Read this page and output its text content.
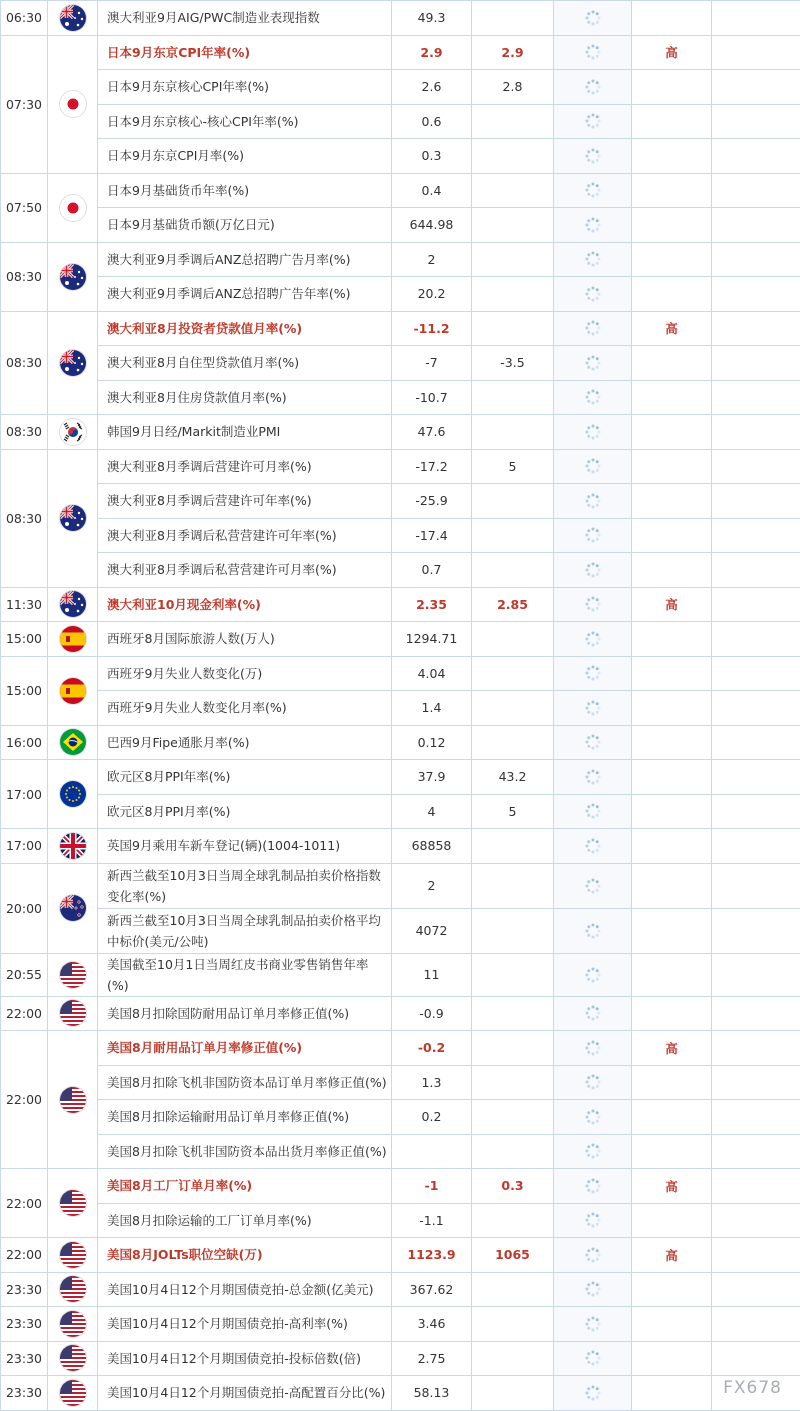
06:30		澳大利亚9月AIG/PWC制造业表现指数	49.3		

07:30		日本9月东京CPI年率(%)	2.9	2.9		高	
		日本9月东京核心CPI年率(%)	2.6	2.8	

		日本9月东京核心-核心CPI年率(%)	0.6		

		日本9月东京CPI月率(%)	0.3		

07:50		日本9月基础货币年率(%)	0.4		

		日本9月基础货币额(万亿日元)	644.98		

08:30		澳大利亚9月季调后ANZ总招聘广告月率(%)	2		

		澳大利亚9月季调后ANZ总招聘广告年率(%)	20.2		

08:30		澳大利亚8月投资者贷款值月率(%)	-11.2			高	
		澳大利亚8月自住型贷款值月率(%)	-7	-3.5	

		澳大利亚8月住房贷款值月率(%)	-10.7		

08:30		韩国9月日经/Markit制造业PMI	47.6		

08:30		澳大利亚8月季调后营建许可月率(%)	-17.2	5	

		澳大利亚8月季调后营建许可年率(%)	-25.9		

		澳大利亚8月季调后私营营建许可年率(%)	-17.4		

		澳大利亚8月季调后私营营建许可月率(%)	0.7		

11:30		澳大利亚10月现金利率(%)	2.35	2.85		高	
15:00		西班牙8月国际旅游人数(万人)	1294.71		

15:00		西班牙9月失业人数变化(万)	4.04		

		西班牙9月失业人数变化月率(%)	1.4		

16:00		巴西9月Fipe通胀月率(%)	0.12		

17:00		欧元区8月PPI年率(%)	37.9	43.2	

		欧元区8月PPI月率(%)	4	5	

17:00		英国9月乘用车新车登记(辆)(1004-1011)	68858		

20:00		新西兰截至10月3日当周全球乳制品拍卖价格指数变化率(%)	2		

		新西兰截至10月3日当周全球乳制品拍卖价格平均中标价(美元/公吨)	4072		

20:55		美国截至10月1日当周红皮书商业零售销售年率(%)	11		

22:00		美国8月扣除国防耐用品订单月率修正值(%)	-0.9		

22:00		美国8月耐用品订单月率修正值(%)	-0.2			高	
		美国8月扣除飞机非国防资本品订单月率修正值(%)	1.3		

		美国8月扣除运输耐用品订单月率修正值(%)	0.2		

		美国8月扣除飞机非国防资本品出货月率修正值(%)			

22:00		美国8月工厂订单月率(%)	-1	0.3		高	
		美国8月扣除运输的工厂订单月率(%)	-1.1		

22:00		美国8月JOLTs职位空缺(万)	1123.9	1065		高	
23:30		美国10月4日12个月期国债竞拍-总金额(亿美元)	367.62		

23:30		美国10月4日12个月期国债竞拍-高利率(%)	3.46		

23:30		美国10月4日12个月期国债竞拍-投标倍数(倍)	2.75		

23:30		美国10月4日12个月期国债竞拍-高配置百分比(%)	58.13		
			FX678
